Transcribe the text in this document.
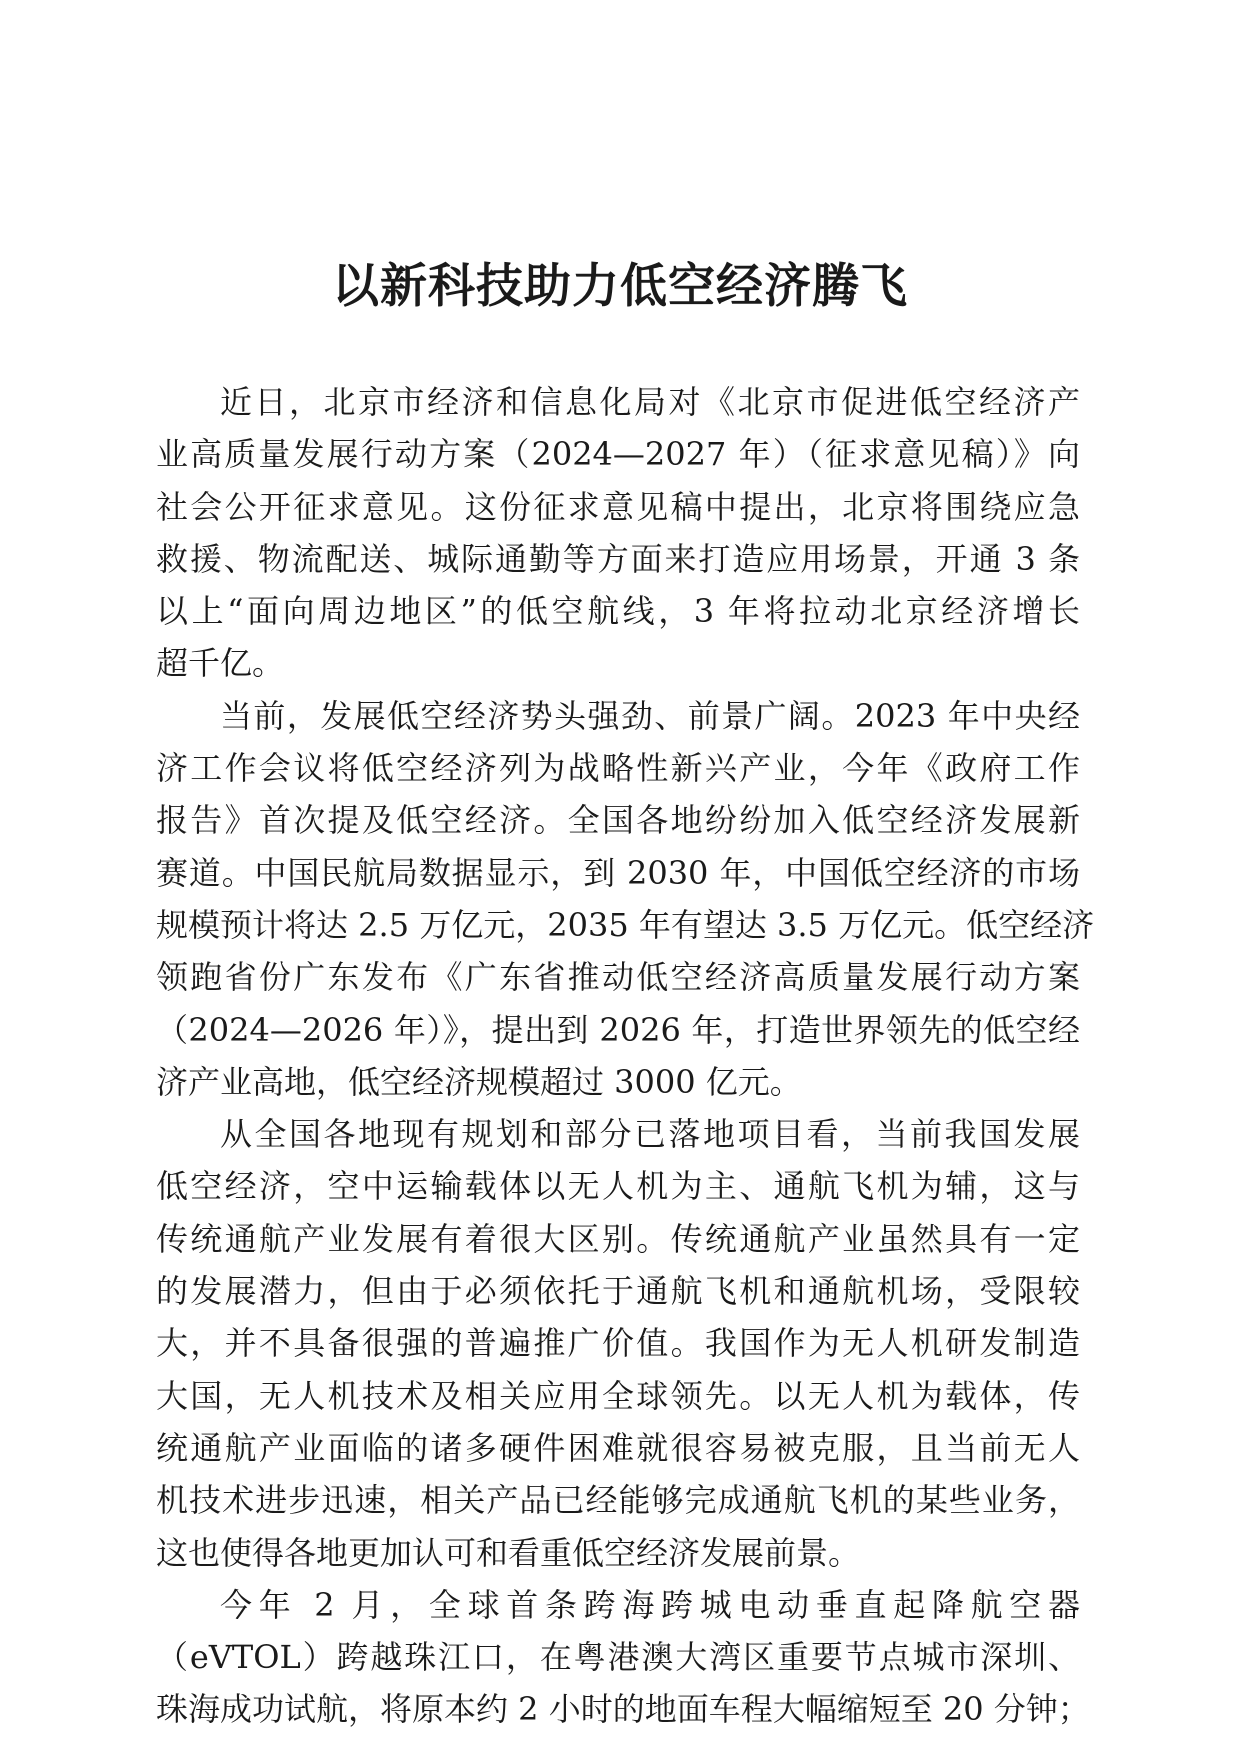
以新科技助力低空经济腾飞
近日，北京市经济和信息化局对《北京市促进低空经济产
业高质量发展行动方案（2024—2027 年）（征求意见稿）》向
社会公开征求意见。这份征求意见稿中提出，北京将围绕应急
救援、物流配送、城际通勤等方面来打造应用场景，开通 3 条
以上“面向周边地区”的低空航线，3 年将拉动北京经济增长
超千亿。
当前，发展低空经济势头强劲、前景广阔。2023 年中央经
济工作会议将低空经济列为战略性新兴产业，今年《政府工作
报告》首次提及低空经济。全国各地纷纷加入低空经济发展新
赛道。中国民航局数据显示，到 2030 年，中国低空经济的市场
规模预计将达 2.5 万亿元，2035 年有望达 3.5 万亿元。低空经济
领跑省份广东发布《广东省推动低空经济高质量发展行动方案
（2024—2026 年）》，提出到 2026 年，打造世界领先的低空经
济产业高地，低空经济规模超过 3000 亿元。
从全国各地现有规划和部分已落地项目看，当前我国发展
低空经济，空中运输载体以无人机为主、通航飞机为辅，这与
传统通航产业发展有着很大区别。传统通航产业虽然具有一定
的发展潜力，但由于必须依托于通航飞机和通航机场，受限较
大，并不具备很强的普遍推广价值。我国作为无人机研发制造
大国，无人机技术及相关应用全球领先。以无人机为载体，传
统通航产业面临的诸多硬件困难就很容易被克服，且当前无人
机技术进步迅速，相关产品已经能够完成通航飞机的某些业务，
这也使得各地更加认可和看重低空经济发展前景。
今年 2 月，全球首条跨海跨城电动垂直起降航空器
（eVTOL）跨越珠江口，在粤港澳大湾区重要节点城市深圳、
珠海成功试航，将原本约 2 小时的地面车程大幅缩短至 20 分钟；
